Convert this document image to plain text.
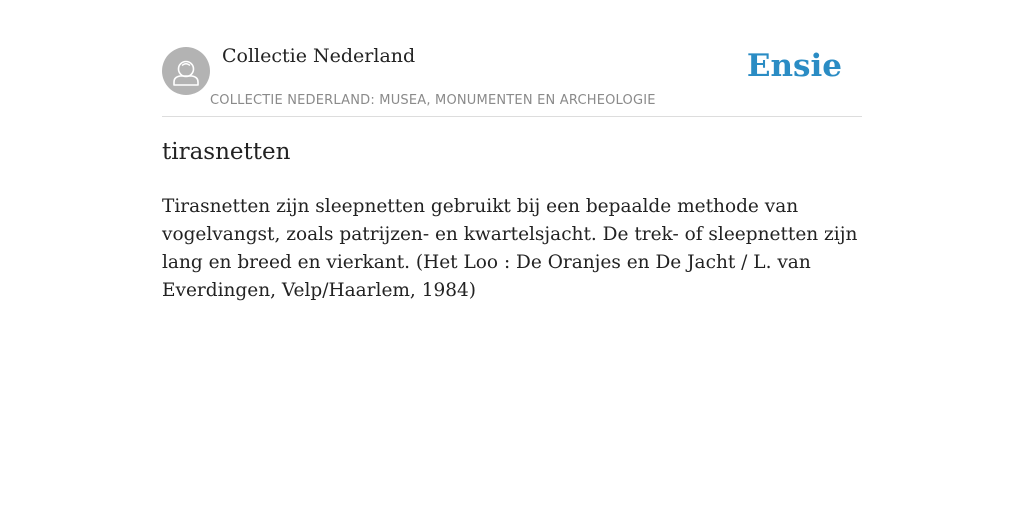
Collectie Nederland
COLLECTIE NEDERLAND: MUSEA, MONUMENTEN EN ARCHEOLOGIE
Ensie
tirasnetten

Tirasnetten zijn sleepnetten gebruikt bij een bepaalde methode van vogelvangst, zoals patrijzen- en kwartelsjacht. De trek- of sleepnetten zijn lang en breed en vierkant. (Het Loo : De Oranjes en De Jacht / L. van Everdingen, Velp/Haarlem, 1984)
